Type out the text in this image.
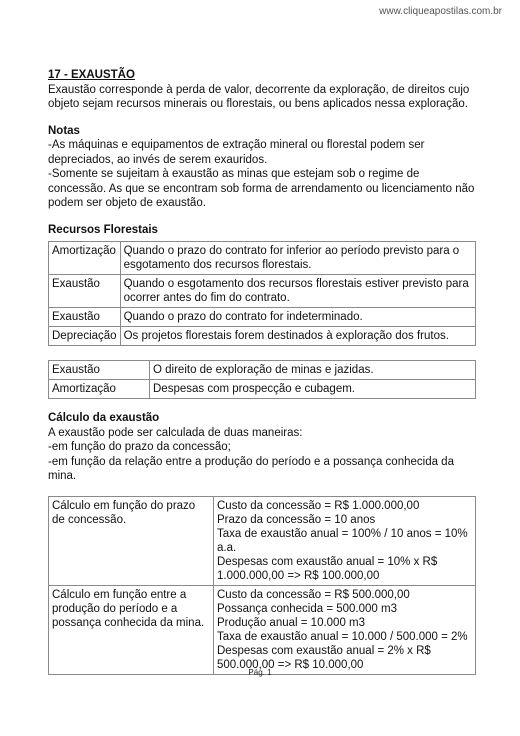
www.cliqueapostilas.com.br
17 - EXAUSTÃO

Exaustão corresponde à perda de valor, decorrente da exploração, de direitos cujo objeto sejam recursos minerais ou florestais, ou bens aplicados nessa exploração.

Notas

-As máquinas e equipamentos de extração mineral ou florestal podem ser depreciados, ao invés de serem exauridos.

-Somente se sujeitam à exaustão as minas que estejam sob o regime de concessão. As que se encontram sob forma de arrendamento ou licenciamento não podem ser objeto de exaustão.

Recursos Florestais
Amortização	Quando o prazo do contrato for inferior ao período previsto para o esgotamento dos recursos florestais.
Exaustão	Quando o esgotamento dos recursos florestais estiver previsto para ocorrer antes do fim do contrato.
Exaustão	Quando o prazo do contrato for indeterminado.
Depreciação	Os projetos florestais forem destinados à exploração dos frutos.
Exaustão	O direito de exploração de minas e jazidas.
Amortização	Despesas com prospecção e cubagem.
Cálculo da exaustão

A exaustão pode ser calculada de duas maneiras:

-em função do prazo da concessão;

-em função da relação entre a produção do período e a possança conhecida da mina.

Cálculo em função do prazo de concessão.	Custo da concessão = R$ 1.000.000,00
Prazo da concessão = 10 anos
Taxa de exaustão anual = 100% / 10 anos = 10% a.a.
Despesas com exaustão anual = 10% x R$ 1.000.000,00 => R$ 100.000,00

Cálculo em função entre a produção do período e a possança conhecida da mina.	Custo da concessão = R$ 500.000,00
Possança conhecida = 500.000 m3
Produção anual = 10.000 m3
Taxa de exaustão anual = 10.000 / 500.000 = 2%
Despesas com exaustão anual = 2% x R$ 500.000,00 => R$ 10.000,00
Pág. 1
